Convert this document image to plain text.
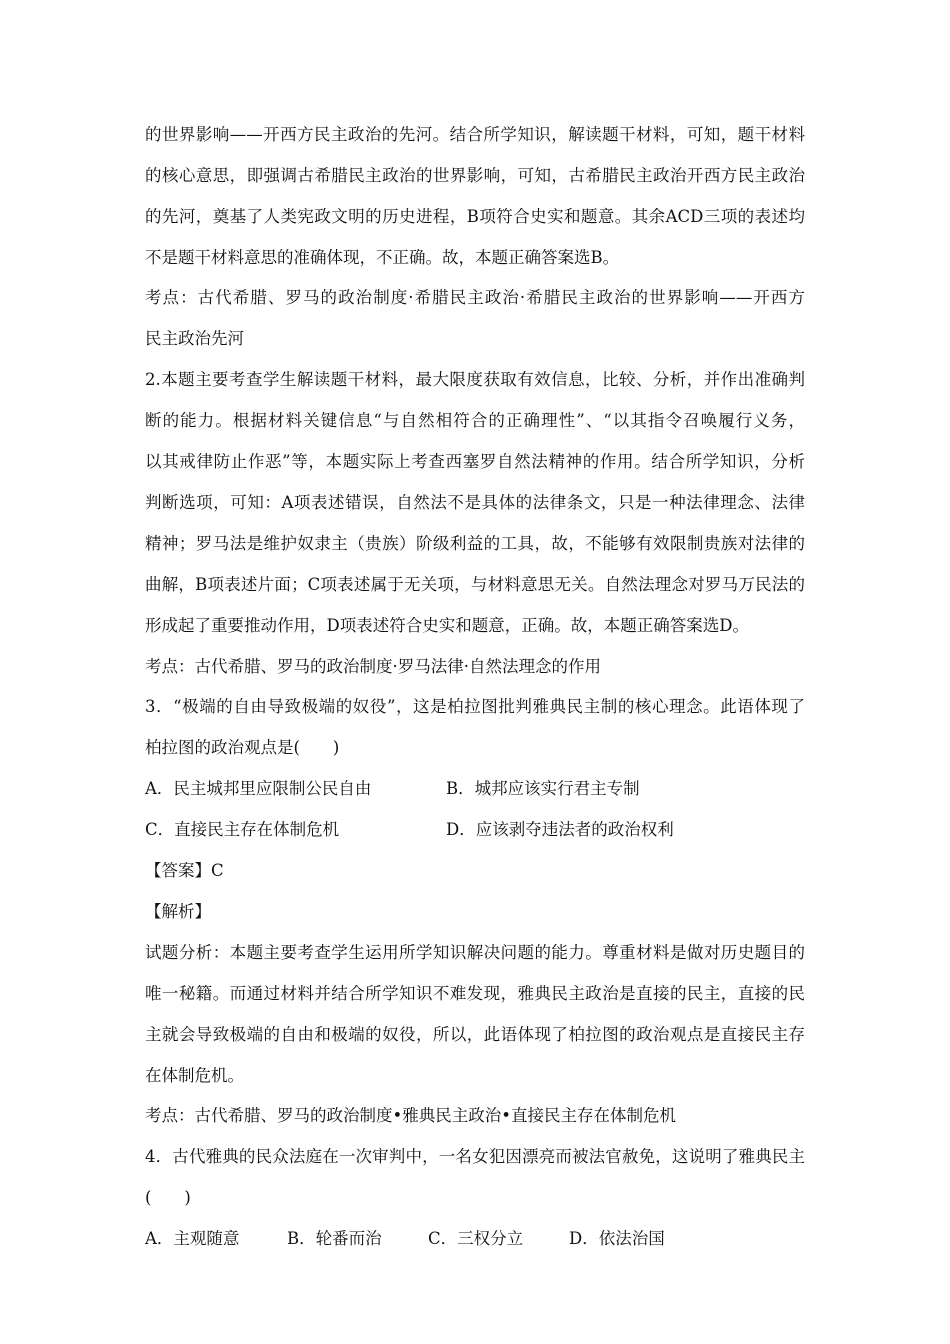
的世界影响——开西方民主政治的先河。结合所学知识，解读题干材料，可知，题干材料
的核心意思，即强调古希腊民主政治的世界影响，可知，古希腊民主政治开西方民主政治
的先河，奠基了人类宪政文明的历史进程，B项符合史实和题意。其余ACD三项的表述均
不是题干材料意思的准确体现，不正确。故，本题正确答案选B。
考点：古代希腊、罗马的政治制度·希腊民主政治·希腊民主政治的世界影响——开西方
民主政治先河
2.本题主要考查学生解读题干材料，最大限度获取有效信息，比较、分析，并作出准确判
断的能力。根据材料关键信息“与自然相符合的正确理性”、“以其指令召唤履行义务，
以其戒律防止作恶”等，本题实际上考查西塞罗自然法精神的作用。结合所学知识，分析
判断选项，可知：A项表述错误，自然法不是具体的法律条文，只是一种法律理念、法律
精神；罗马法是维护奴隶主（贵族）阶级利益的工具，故，不能够有效限制贵族对法律的
曲解，B项表述片面；C项表述属于无关项，与材料意思无关。自然法理念对罗马万民法的
形成起了重要推动作用，D项表述符合史实和题意，正确。故，本题正确答案选D。
考点：古代希腊、罗马的政治制度·罗马法律·自然法理念的作用
3．“极端的自由导致极端的奴役”，这是柏拉图批判雅典民主制的核心理念。此语体现了
柏拉图的政治观点是(　　)
A．民主城邦里应限制公民自由	B．城邦应该实行君主专制
C．直接民主存在体制危机	D．应该剥夺违法者的政治权利
【答案】C
【解析】
试题分析：本题主要考查学生运用所学知识解决问题的能力。尊重材料是做对历史题目的
唯一秘籍。而通过材料并结合所学知识不难发现，雅典民主政治是直接的民主，直接的民
主就会导致极端的自由和极端的奴役，所以，此语体现了柏拉图的政治观点是直接民主存
在体制危机。
考点：古代希腊、罗马的政治制度•雅典民主政治•直接民主存在体制危机
4．古代雅典的民众法庭在一次审判中，一名女犯因漂亮而被法官赦免，这说明了雅典民主
(　　)
A．主观随意	B．轮番而治	C．三权分立	D．依法治国
